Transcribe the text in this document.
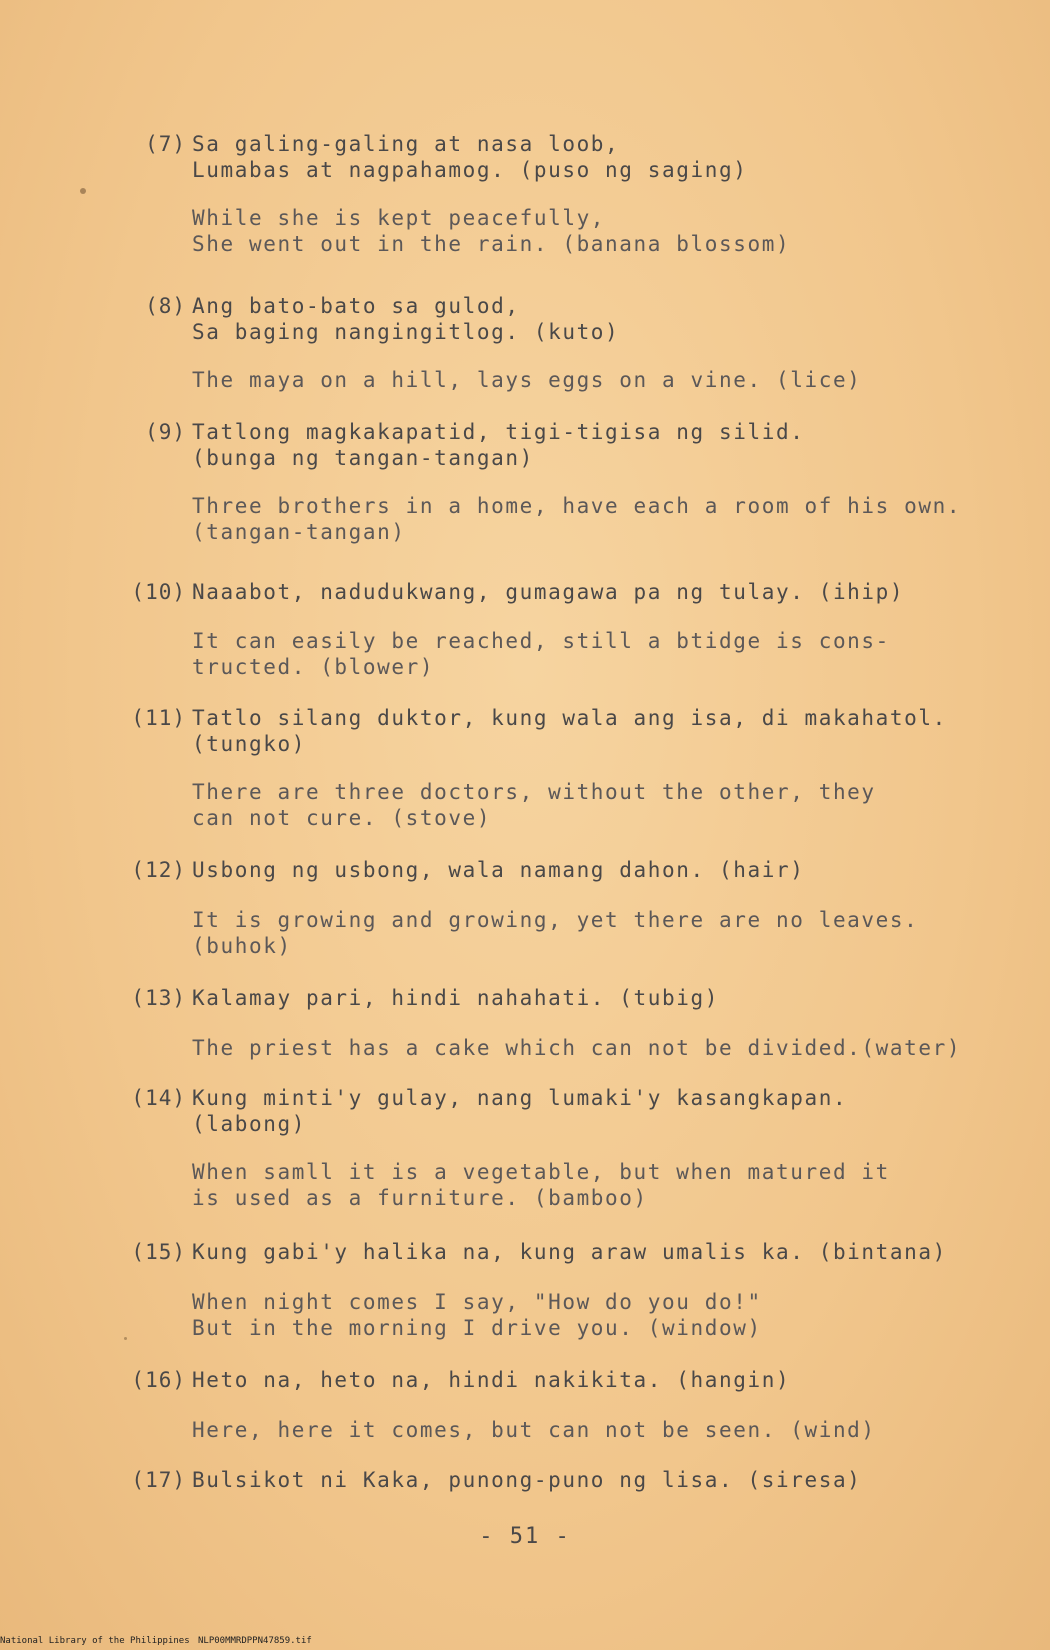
(7) Sa galing-galing at nasa loob,
Lumabas at nagpahamog. (puso ng saging)
While she is kept peacefully,
She went out in the rain. (banana blossom)
(8) Ang bato-bato sa gulod,
Sa baging nangingitlog. (kuto)
The maya on a hill, lays eggs on a vine. (lice)
(9) Tatlong magkakapatid, tigi-tigisa ng silid.
(bunga ng tangan-tangan)
Three brothers in a home, have each a room of his own.
(tangan-tangan)
(10) Naaabot, nadudukwang, gumagawa pa ng tulay. (ihip)
It can easily be reached, still a btidge is cons-
tructed. (blower)
(11) Tatlo silang duktor, kung wala ang isa, di makahatol.
(tungko)
There are three doctors, without the other, they
can not cure. (stove)
(12) Usbong ng usbong, wala namang dahon. (hair)
It is growing and growing, yet there are no leaves.
(buhok)
(13) Kalamay pari, hindi nahahati. (tubig)
The priest has a cake which can not be divided.(water)
(14) Kung minti'y gulay, nang lumaki'y kasangkapan.
(labong)
When samll it is a vegetable, but when matured it
is used as a furniture. (bamboo)
(15) Kung gabi'y halika na, kung araw umalis ka. (bintana)
When night comes I say, "How do you do!"
But in the morning I drive you. (window)
(16) Heto na, heto na, hindi nakikita. (hangin)
Here, here it comes, but can not be seen. (wind)
(17) Bulsikot ni Kaka, punong-puno ng lisa. (siresa)
- 51 -
National Library of the Philippines NLP00MMRDPPN47859.tif
